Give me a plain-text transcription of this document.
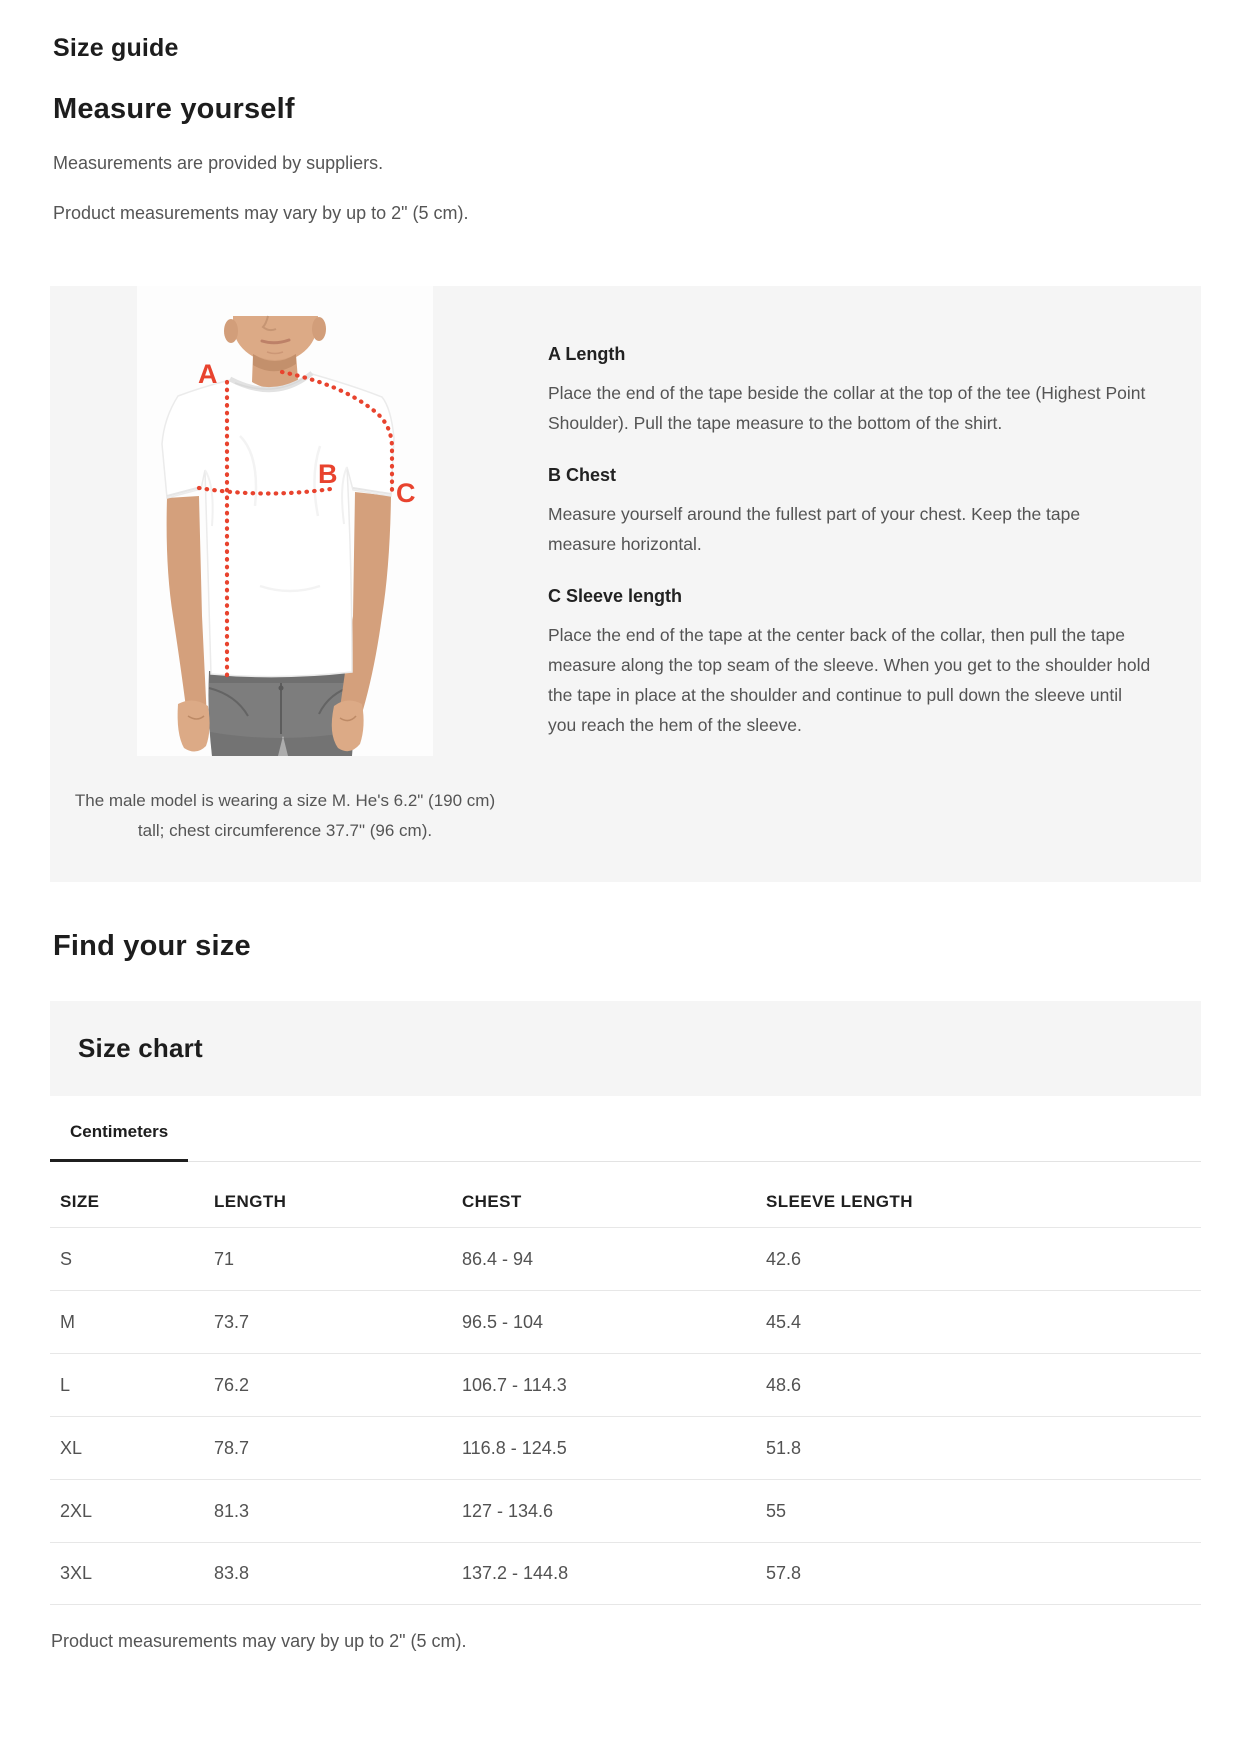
Size guide
Measure yourself

Measurements are provided by suppliers.

Product measurements may vary by up to 2" (5 cm).

A
B
C

The male model is wearing a size M. He's 6.2" (190 cm) tall; chest circumference 37.7" (96 cm).

A Length

Place the end of the tape beside the collar at the top of the tee (Highest Point Shoulder). Pull the tape measure to the bottom of the shirt.

B Chest

Measure yourself around the fullest part of your chest. Keep the tape measure horizontal.

C Sleeve length

Place the end of the tape at the center back of the collar, then pull the tape measure along the top seam of the sleeve. When you get to the shoulder hold the tape in place at the shoulder and continue to pull down the sleeve until you reach the hem of the sleeve.

Find your size
Size chart
Centimeters
SIZE	LENGTH	CHEST	SLEEVE LENGTH
S	71	86.4 - 94	42.6
M	73.7	96.5 - 104	45.4
L	76.2	106.7 - 114.3	48.6
XL	78.7	116.8 - 124.5	51.8
2XL	81.3	127 - 134.6	55
3XL	83.8	137.2 - 144.8	57.8

Product measurements may vary by up to 2" (5 cm).
